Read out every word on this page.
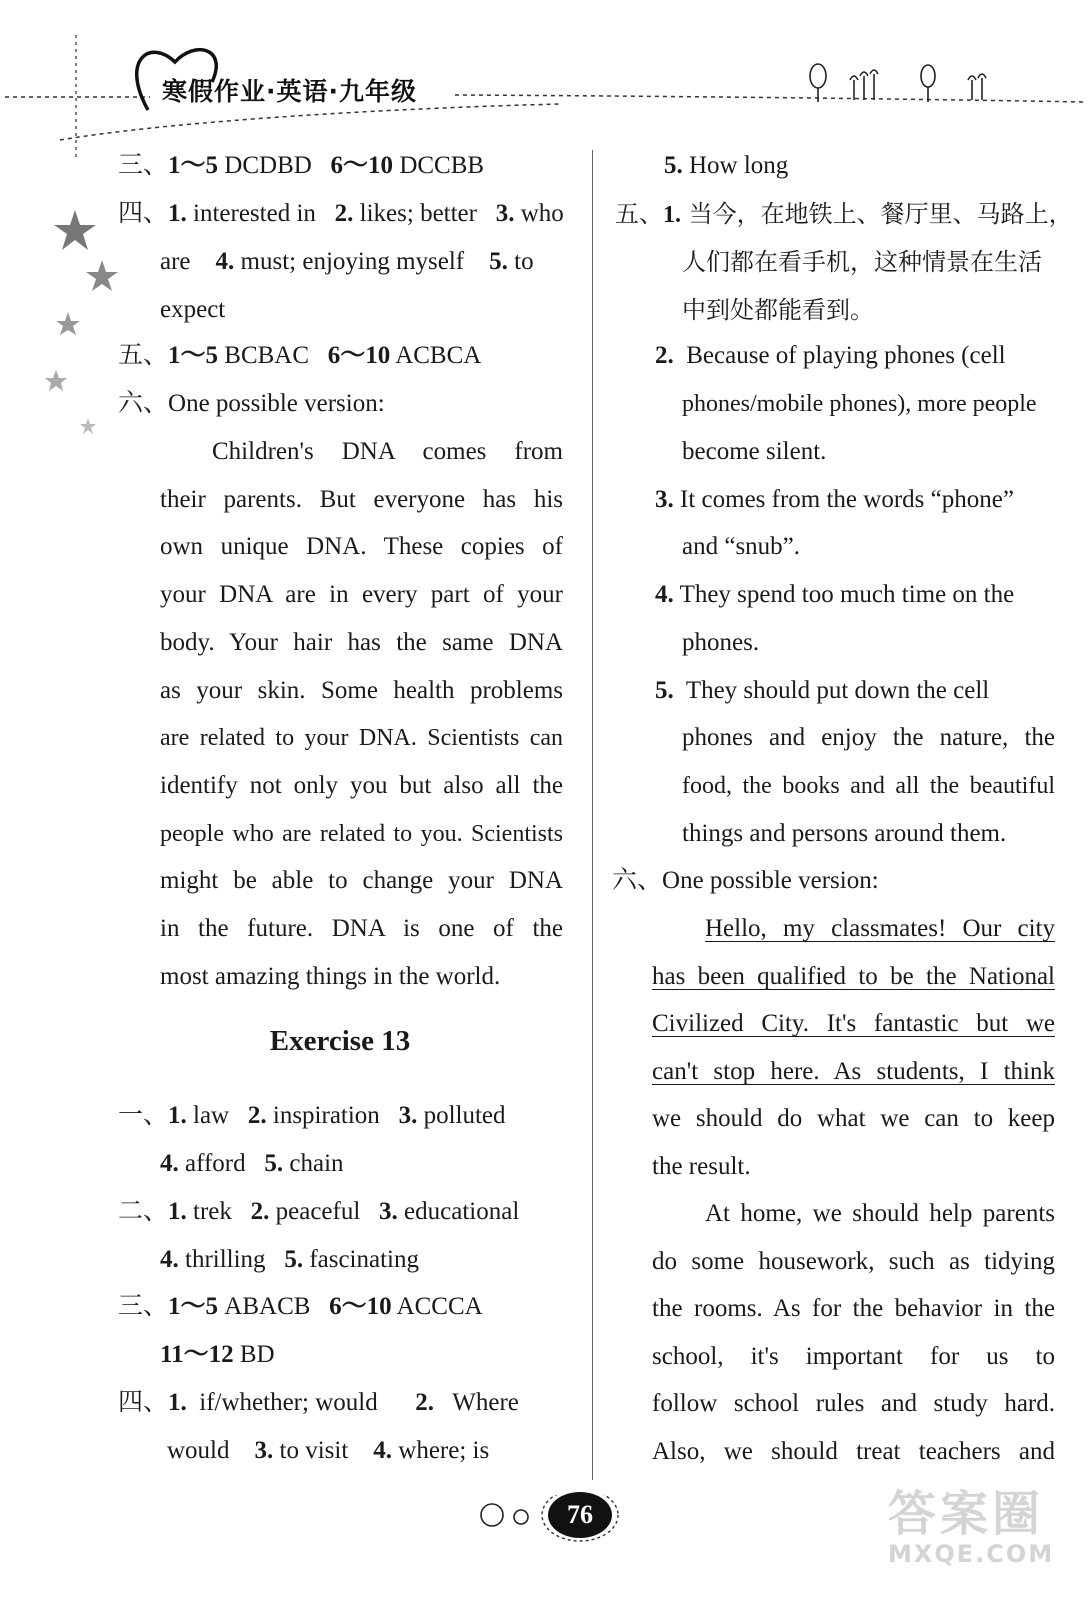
寒假作业·英语·九年级
三、1～5 DCDBD 6～10 DCCBB
四、1. interested in 2. likes; better 3. who
are 4. must; enjoying myself 5. to
expect
五、1～5 BCBAC 6～10 ACBCA
六、One possible version:
Children's DNA comes from
their parents. But everyone has his
own unique DNA. These copies of
your DNA are in every part of your
body. Your hair has the same DNA
as your skin. Some health problems
are related to your DNA. Scientists can
identify not only you but also all the
people who are related to you. Scientists
might be able to change your DNA
in the future. DNA is one of the
most amazing things in the world.
Exercise 13
一、1. law 2. inspiration 3. polluted
4. afford 5. chain
二、1. trek 2. peaceful 3. educational
4. thrilling 5. fascinating
三、1～5 ABACB 6～10 ACCCA
11～12 BD
四、1. if/whether; would 2. Where
would 3. to visit 4. where; is
5. How long
五、1. 当今，在地铁上、餐厅里、马路上，
人们都在看手机，这种情景在生活
中到处都能看到。
2. Because of playing phones (cell
phones/mobile phones), more people
become silent.
3. It comes from the words “phone”
and “snub”.
4. They spend too much time on the
phones.
5. They should put down the cell
phones and enjoy the nature, the
food, the books and all the beautiful
things and persons around them.
六、One possible version:
Hello, my classmates! Our city
has been qualified to be the National
Civilized City. It's fantastic but we
can't stop here. As students, I think
we should do what we can to keep
the result.
At home, we should help parents
do some housework, such as tidying
the rooms. As for the behavior in the
school, it's important for us to
follow school rules and study hard.
Also, we should treat teachers and
76	答案圈
MXQE.COM
